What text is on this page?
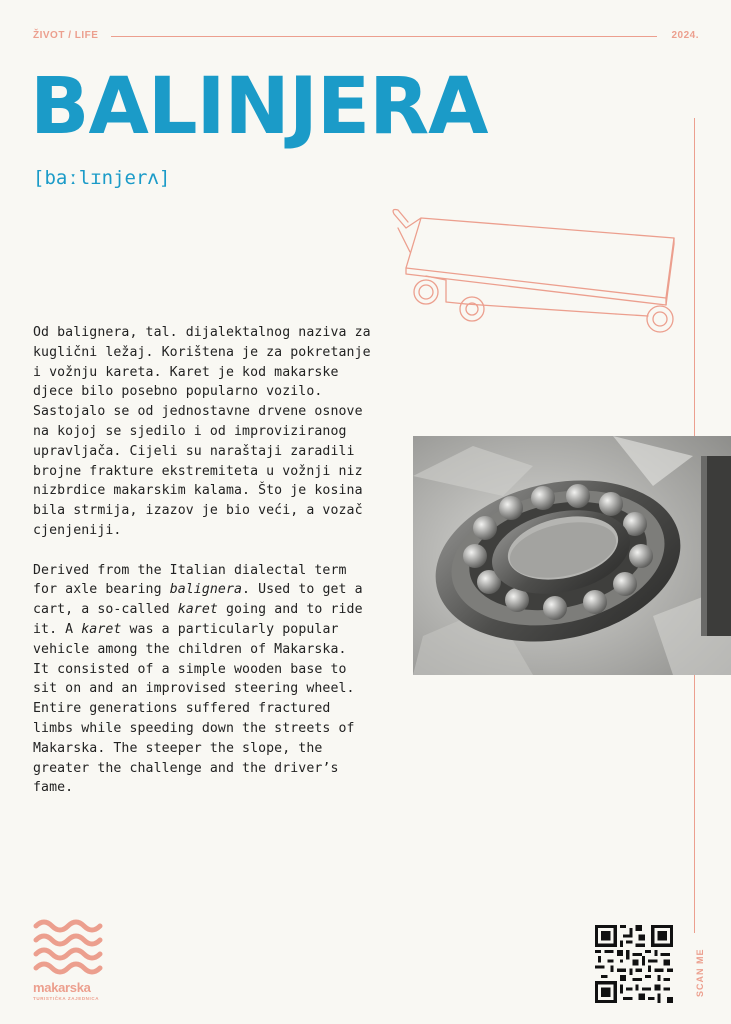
ŽIVOT / LIFE	2024.
BALINJERA
[baːlɪnjerʌ]

Od balignera, tal. dijalektalnog naziva za kuglični ležaj. Korištena je za pokretanje i vožnju kareta. Karet je kod makarske djece bilo posebno popularno vozilo. Sastojalo se od jednostavne drvene osnove na kojoj se sjedilo i od improviziranog upravljača. Cijeli su naraštaji zaradili brojne frakture ekstremiteta u vožnji niz nizbrdice makarskim kalama. Što je kosina bila strmija, izazov je bio veći, a vozač cjenjeniji.

Derived from the Italian dialectal term for axle bearing balignera. Used to get a cart, a so-called karet going and to ride it. A karet was a particularly popular vehicle among the children of Makarska.
It consisted of a simple wooden base to sit on and an improvised steering wheel. Entire generations suffered fractured limbs while speeding down the streets of Makarska. The steeper the slope, the greater the challenge and the driver’s fame.

SCAN ME
makarska
TURISTIČKA ZAJEDNICA
